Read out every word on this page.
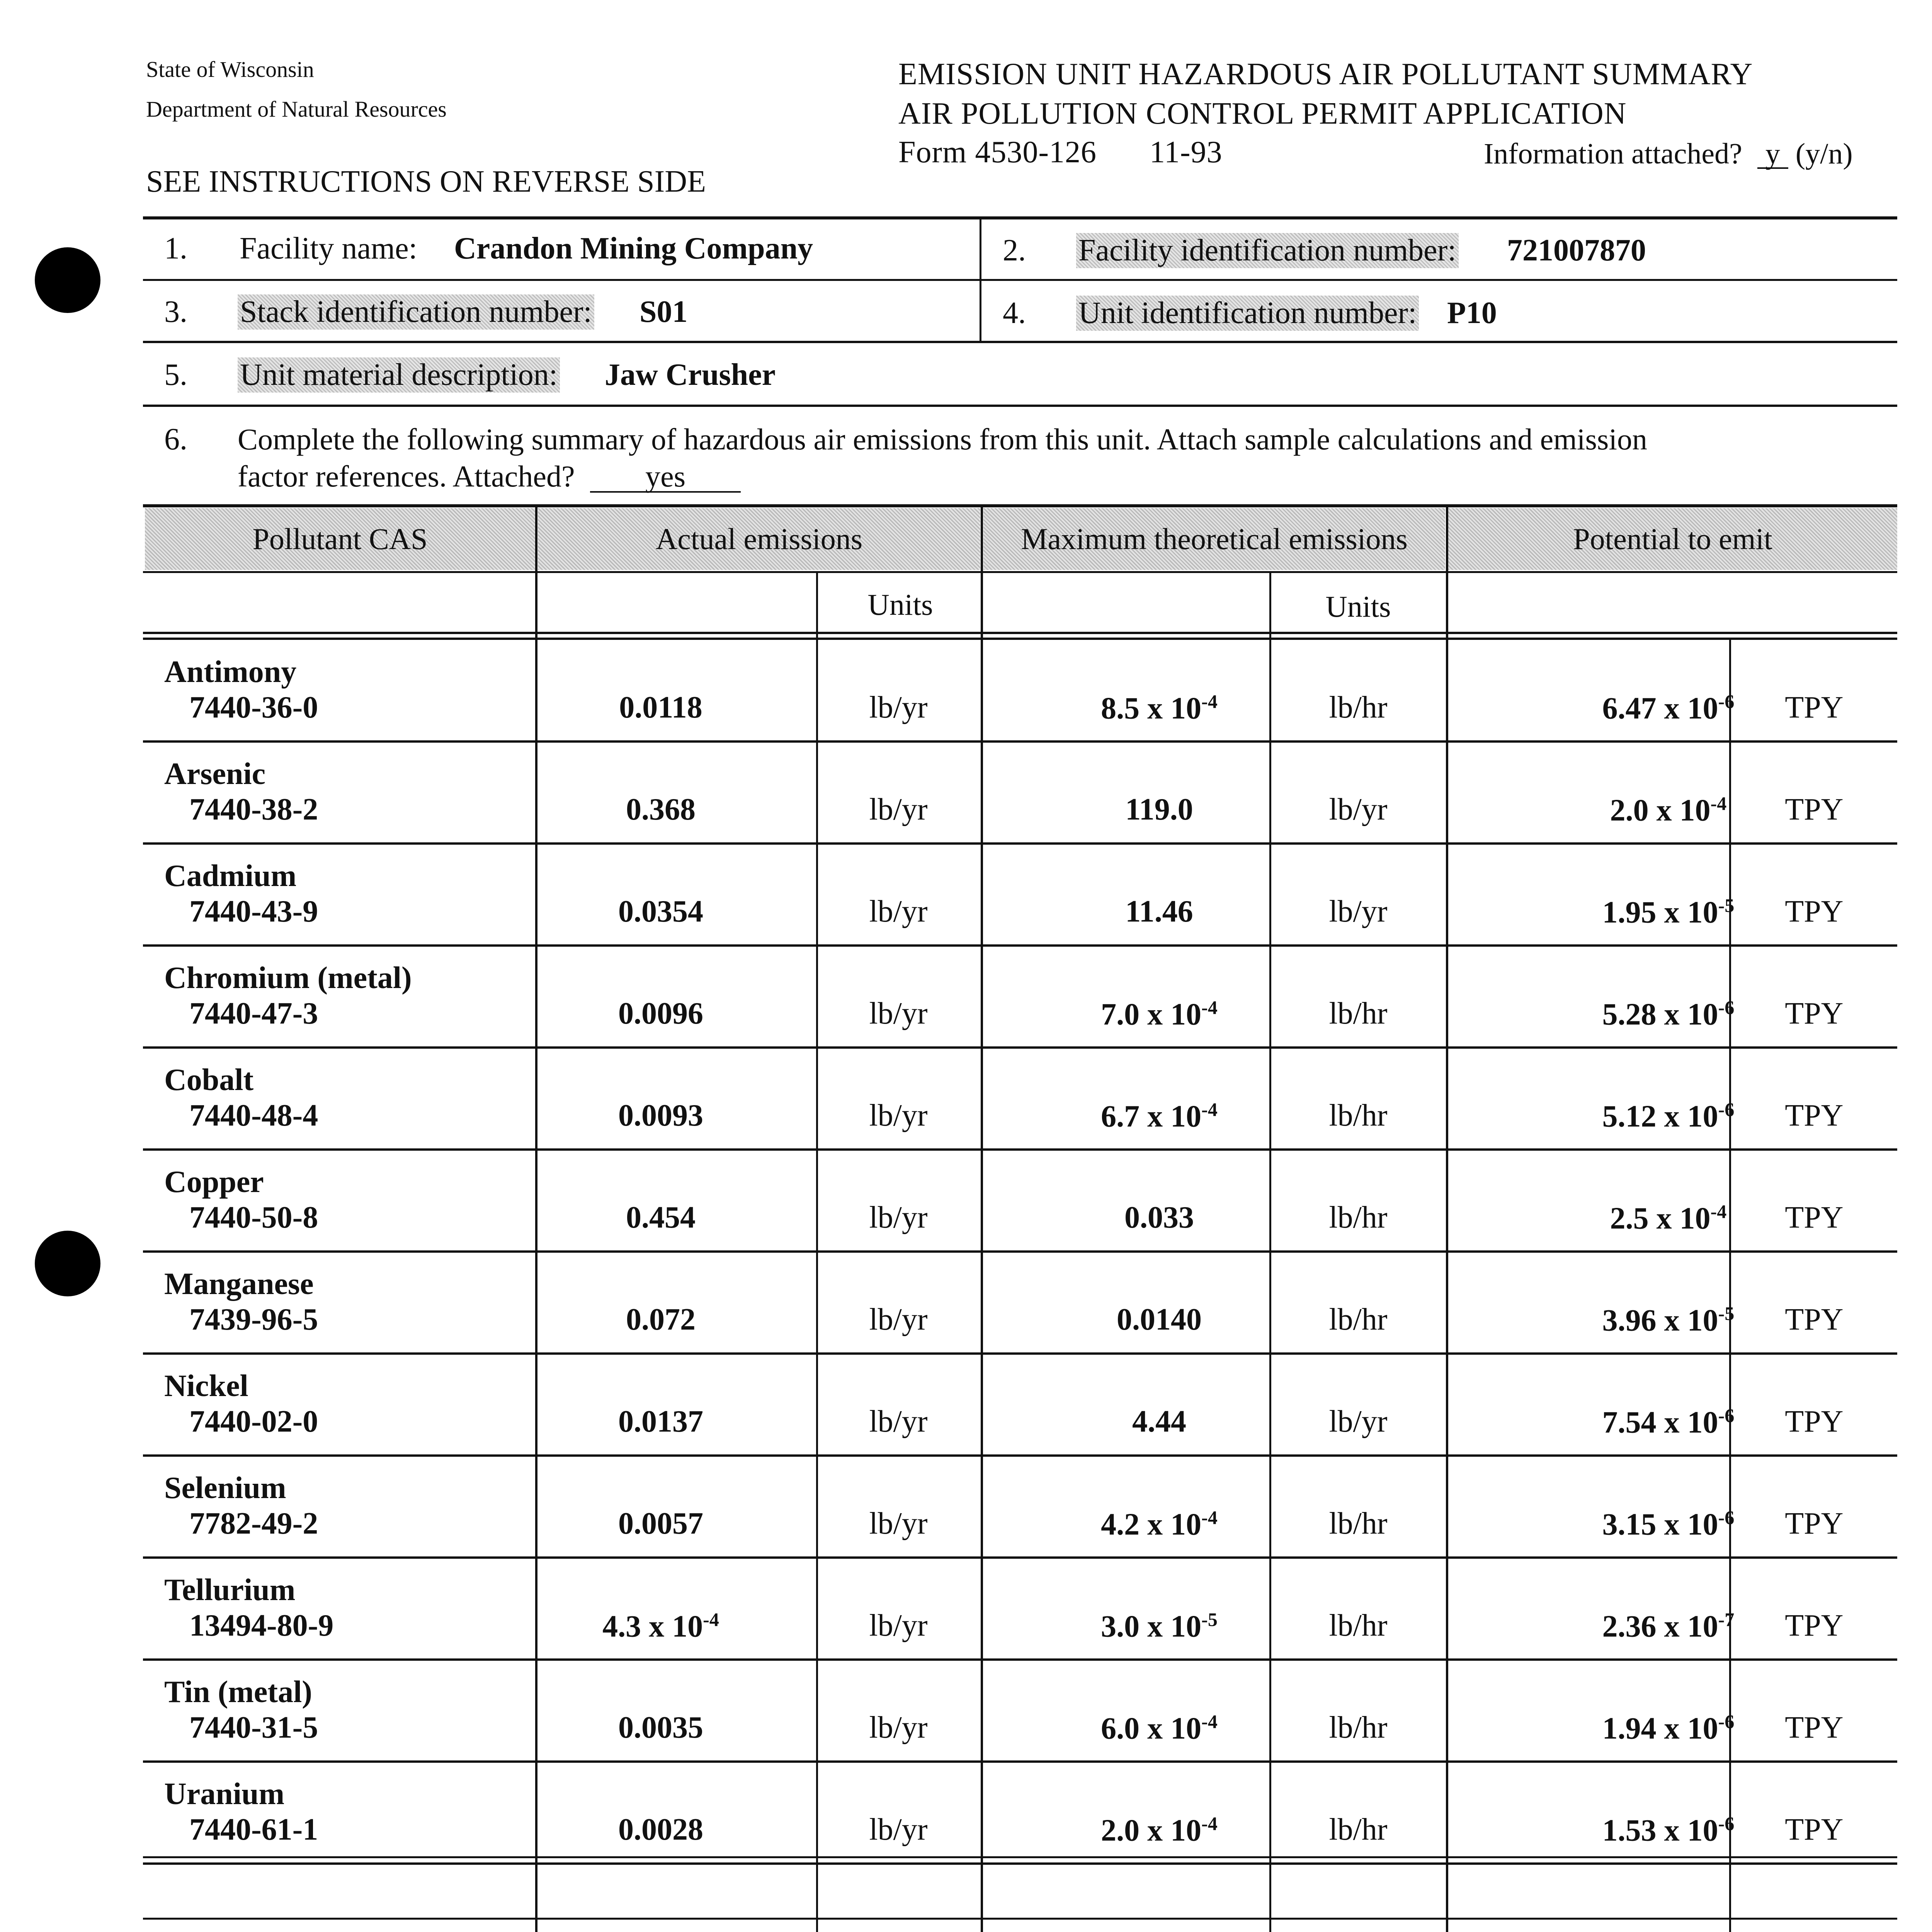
State of Wisconsin
Department of Natural Resources
EMISSION UNIT HAZARDOUS AIR POLLUTANT SUMMARY
AIR POLLUTION CONTROL PERMIT APPLICATION
Form 4530-126 11-93	Information attached? y (y/n)
SEE INSTRUCTIONS ON REVERSE SIDE
1. Facility name: Crandon Mining Company	2. Facility identification number: 721007870
3. Stack identification number: S01	4. Unit identification number: P10
5. Unit material description: Jaw Crusher
6. Complete the following summary of hazardous air emissions from this unit. Attach sample calculations and emission
factor references. Attached? yes
Pollutant CAS	Actual emissions	Maximum theoretical emissions	Potential to emit
Units	Units
Antimony
7440-36-0	0.0118	lb/yr	8.5 x $10^{-4}$	lb/hr	6.47 x $10^{-6}$	TPY
Arsenic
7440-38-2	0.368	lb/yr	119.0	lb/yr	2.0 x $10^{-4}$	TPY
Cadmium
7440-43-9	0.0354	lb/yr	11.46	lb/yr	1.95 x $10^{-5}$	TPY
Chromium (metal)
7440-47-3	0.0096	lb/yr	7.0 x $10^{-4}$	lb/hr	5.28 x $10^{-6}$	TPY
Cobalt
7440-48-4	0.0093	lb/yr	6.7 x $10^{-4}$	lb/hr	5.12 x $10^{-6}$	TPY
Copper
7440-50-8	0.454	lb/yr	0.033	lb/hr	2.5 x $10^{-4}$	TPY
Manganese
7439-96-5	0.072	lb/yr	0.0140	lb/hr	3.96 x $10^{-5}$	TPY
Nickel
7440-02-0	0.0137	lb/yr	4.44	lb/yr	7.54 x $10^{-6}$	TPY
Selenium
7782-49-2	0.0057	lb/yr	4.2 x $10^{-4}$	lb/hr	3.15 x $10^{-6}$	TPY
Tellurium
13494-80-9	4.3 x $10^{-4}$	lb/yr	3.0 x $10^{-5}$	lb/hr	2.36 x $10^{-7}$	TPY
Tin (metal)
7440-31-5	0.0035	lb/yr	6.0 x $10^{-4}$	lb/hr	1.94 x $10^{-6}$	TPY
Uranium
7440-61-1	0.0028	lb/yr	2.0 x $10^{-4}$	lb/hr	1.53 x $10^{-6}$	TPY
